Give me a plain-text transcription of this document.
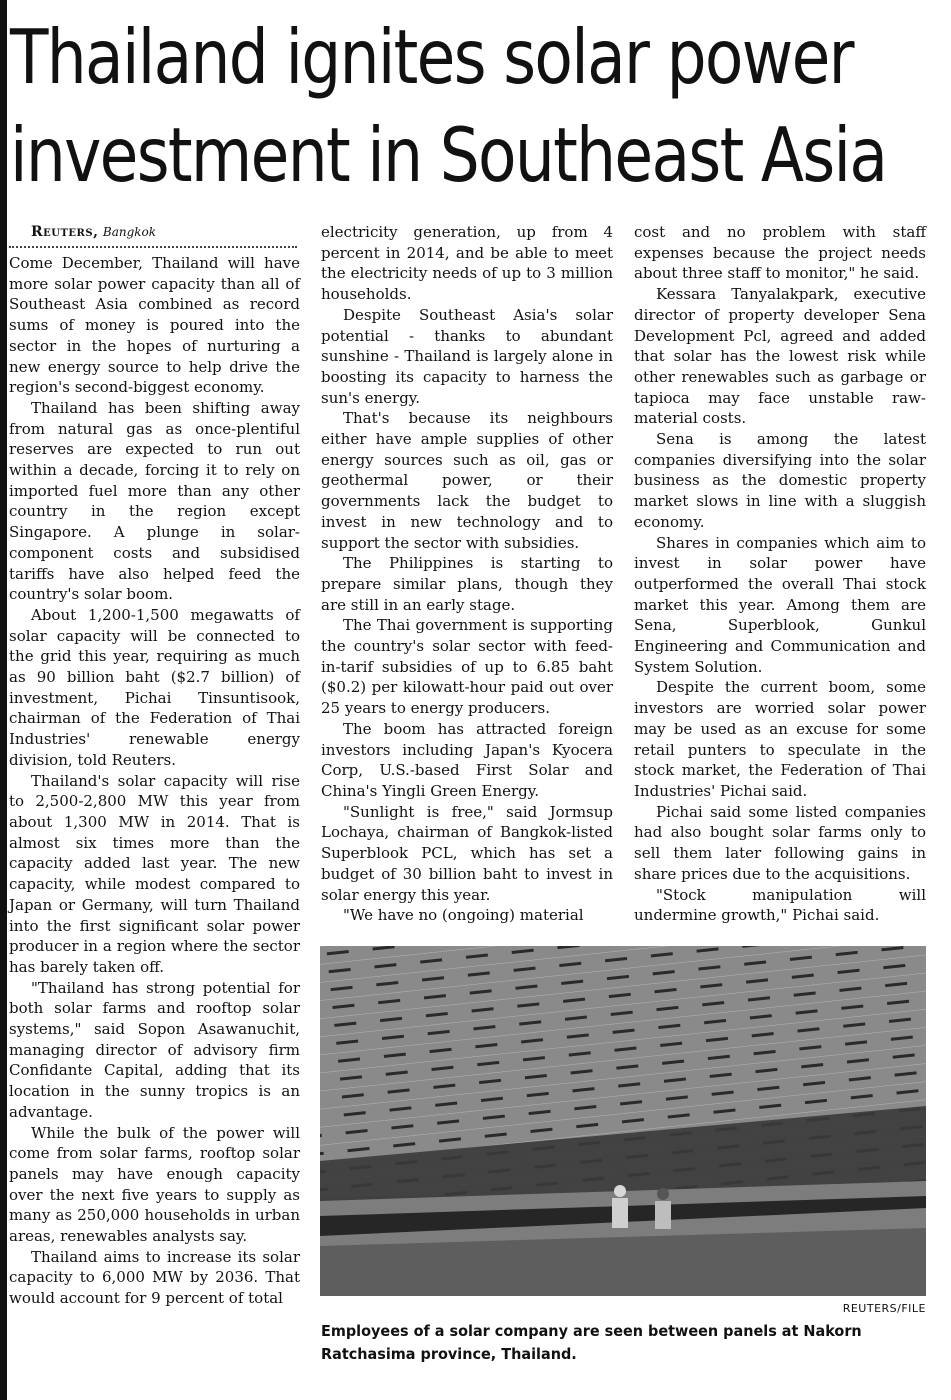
Thailand ignites solar power
investment in Southeast Asia

Reuters, Bangkok

Come December, Thailand will have more solar power capacity than all of Southeast Asia combined as record sums of money is poured into the sector in the hopes of nurturing a new energy source to help drive the region's second-biggest economy.

Thailand has been shifting away from natural gas as once-plentiful reserves are expected to run out within a decade, forcing it to rely on imported fuel more than any other country in the region except Singapore. A plunge in solar-component costs and subsidised tariffs have also helped feed the country's solar boom.

About 1,200-1,500 megawatts of solar capacity will be connected to the grid this year, requiring as much as 90 billion baht ($2.7 billion) of investment, Pichai Tinsuntisook, chairman of the Federation of Thai Industries' renewable energy division, told Reuters.

Thailand's solar capacity will rise to 2,500-2,800 MW this year from about 1,300 MW in 2014. That is almost six times more than the capacity added last year. The new capacity, while modest compared to Japan or Germany, will turn Thailand into the first significant solar power producer in a region where the sector has barely taken off.

"Thailand has strong potential for both solar farms and rooftop solar systems," said Sopon Asawanuchit, managing director of advisory firm Confidante Capital, adding that its location in the sunny tropics is an advantage.

While the bulk of the power will come from solar farms, rooftop solar panels may have enough capacity over the next five years to supply as many as 250,000 households in urban areas, renewables analysts say.

Thailand aims to increase its solar capacity to 6,000 MW by 2036. That would account for 9 percent of total

electricity generation, up from 4 percent in 2014, and be able to meet the electricity needs of up to 3 million households.

Despite Southeast Asia's solar potential - thanks to abundant sunshine - Thailand is largely alone in boosting its capacity to harness the sun's energy.

That's because its neighbours either have ample supplies of other energy sources such as oil, gas or geothermal power, or their governments lack the budget to invest in new technology and to support the sector with subsidies.

The Philippines is starting to prepare similar plans, though they are still in an early stage.

The Thai government is supporting the country's solar sector with feed-in-tarif subsidies of up to 6.85 baht ($0.2) per kilowatt-hour paid out over 25 years to energy producers.

The boom has attracted foreign investors including Japan's Kyocera Corp, U.S.-based First Solar and China's Yingli Green Energy.

"Sunlight is free," said Jormsup Lochaya, chairman of Bangkok-listed Superblook PCL, which has set a budget of 30 billion baht to invest in solar energy this year.

"We have no (ongoing) material

cost and no problem with staff expenses because the project needs about three staff to monitor," he said.

Kessara Tanyalakpark, executive director of property developer Sena Development Pcl, agreed and added that solar has the lowest risk while other renewables such as garbage or tapioca may face unstable raw-material costs.

Sena is among the latest companies diversifying into the solar business as the domestic property market slows in line with a sluggish economy.

Shares in companies which aim to invest in solar power have outperformed the overall Thai stock market this year. Among them are Sena, Superblook, Gunkul Engineering and Communication and System Solution.

Despite the current boom, some investors are worried solar power may be used as an excuse for some retail punters to speculate in the stock market, the Federation of Thai Industries' Pichai said.

Pichai said some listed companies had also bought solar farms only to sell them later following gains in share prices due to the acquisitions.

"Stock manipulation will undermine growth," Pichai said.

REUTERS/FILE
Employees of a solar company are seen between panels at Nakorn Ratchasima province, Thailand.
